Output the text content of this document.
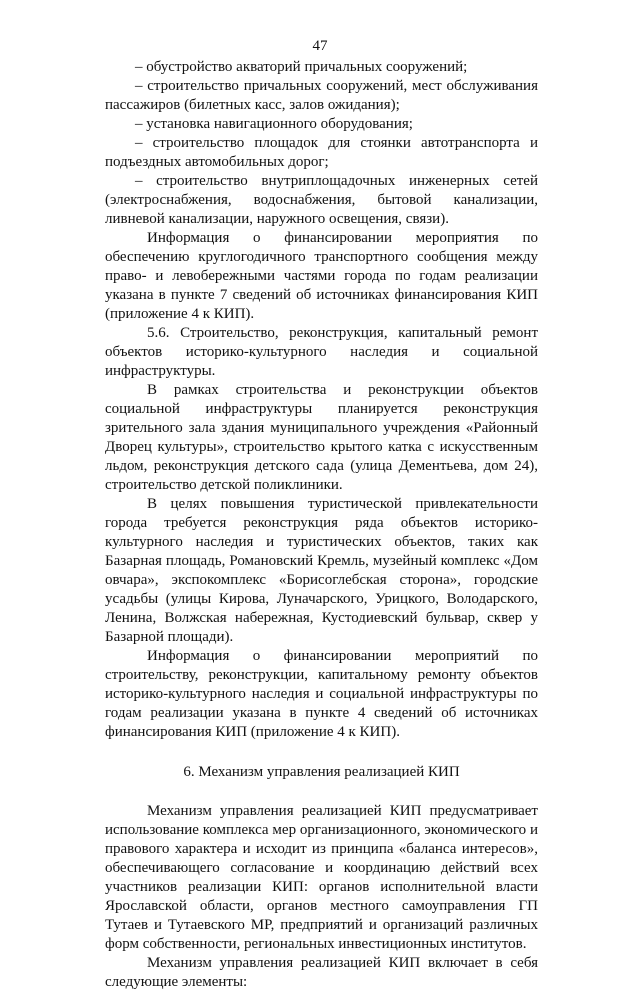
47

– обустройство акваторий причальных сооружений;

– строительство причальных сооружений, мест обслуживания пассажиров (билетных касс, залов ожидания);

– установка навигационного оборудования;

– строительство площадок для стоянки автотранспорта и подъездных автомобильных дорог;

– строительство внутриплощадочных инженерных сетей (электроснабжения, водоснабжения, бытовой канализации, ливневой канализации, наружного освещения, связи).

Информация о финансировании мероприятия по обеспечению круглогодичного транспортного сообщения между право- и левобережными частями города по годам реализации указана в пункте 7 сведений об источниках финансирования КИП (приложение 4 к КИП).

5.6. Строительство, реконструкция, капитальный ремонт объектов историко-культурного наследия и социальной инфраструктуры.

В рамках строительства и реконструкции объектов социальной инфраструктуры планируется реконструкция зрительного зала здания муниципального учреждения «Районный Дворец культуры», строительство крытого катка с искусственным льдом, реконструкция детского сада (улица Дементьева, дом 24), строительство детской поликлиники.

В целях повышения туристической привлекательности города требуется реконструкция ряда объектов историко-культурного наследия и туристических объектов, таких как Базарная площадь, Романовский Кремль, музейный комплекс «Дом овчара», экспокомплекс «Борисоглебская сторона», городские усадьбы (улицы Кирова, Луначарского, Урицкого, Володарского, Ленина, Волжская набережная, Кустодиевский бульвар, сквер у Базарной площади).

Информация о финансировании мероприятий по строительству, реконструкции, капитальному ремонту объектов историко-культурного наследия и социальной инфраструктуры по годам реализации указана в пункте 4 сведений об источниках финансирования КИП (приложение 4 к КИП).

6. Механизм управления реализацией КИП

Механизм управления реализацией КИП предусматривает использование комплекса мер организационного, экономического и правового характера и исходит из принципа «баланса интересов», обеспечивающего согласование и координацию действий всех участников реализации КИП: органов исполнительной власти Ярославской области, органов местного самоуправления ГП Тутаев и Тутаевского МР, предприятий и организаций различных форм собственности, региональных инвестиционных институтов.

Механизм управления реализацией КИП включает в себя следующие элементы:
